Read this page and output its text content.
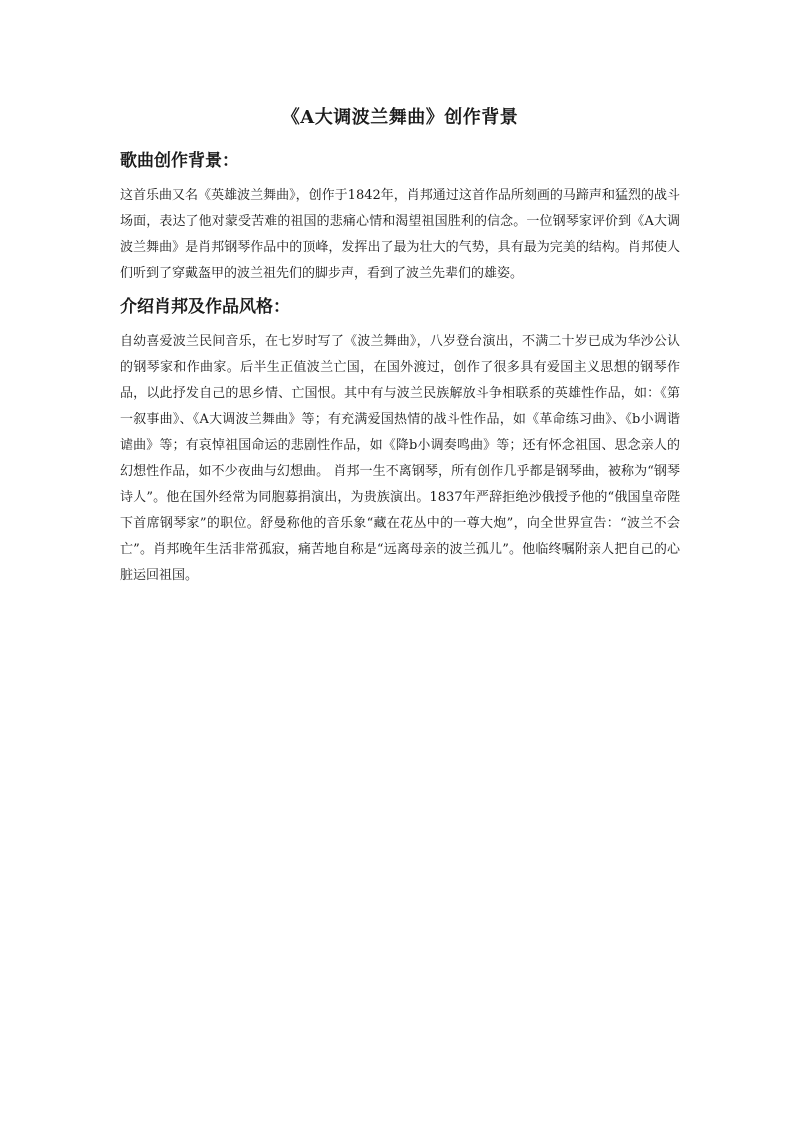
《A大调波兰舞曲》创作背景
歌曲创作背景：

这首乐曲又名《英雄波兰舞曲》，创作于1842年，肖邦通过这首作品所刻画的马蹄声和猛烈的战斗场面，表达了他对蒙受苦难的祖国的悲痛心情和渴望祖国胜利的信念。一位钢琴家评价到《A大调波兰舞曲》是肖邦钢琴作品中的顶峰，发挥出了最为壮大的气势，具有最为完美的结构。肖邦使人们听到了穿戴盔甲的波兰祖先们的脚步声，看到了波兰先辈们的雄姿。

介绍肖邦及作品风格：

自幼喜爱波兰民间音乐，在七岁时写了《波兰舞曲》，八岁登台演出，不满二十岁已成为华沙公认的钢琴家和作曲家。后半生正值波兰亡国，在国外渡过，创作了很多具有爱国主义思想的钢琴作品，以此抒发自己的思乡情、亡国恨。其中有与波兰民族解放斗争相联系的英雄性作品，如：《第一叙事曲》、《A大调波兰舞曲》等；有充满爱国热情的战斗性作品，如《革命练习曲》、《b小调谐谑曲》等；有哀悼祖国命运的悲剧性作品，如《降b小调奏鸣曲》等；还有怀念祖国、思念亲人的幻想性作品，如不少夜曲与幻想曲。 肖邦一生不离钢琴，所有创作几乎都是钢琴曲，被称为“钢琴诗人”。他在国外经常为同胞募捐演出，为贵族演出。1837年严辞拒绝沙俄授予他的“俄国皇帝陛下首席钢琴家”的职位。舒曼称他的音乐象“藏在花丛中的一尊大炮”，向全世界宣告：“波兰不会亡”。肖邦晚年生活非常孤寂，痛苦地自称是“远离母亲的波兰孤儿”。他临终嘱附亲人把自己的心脏运回祖国。
